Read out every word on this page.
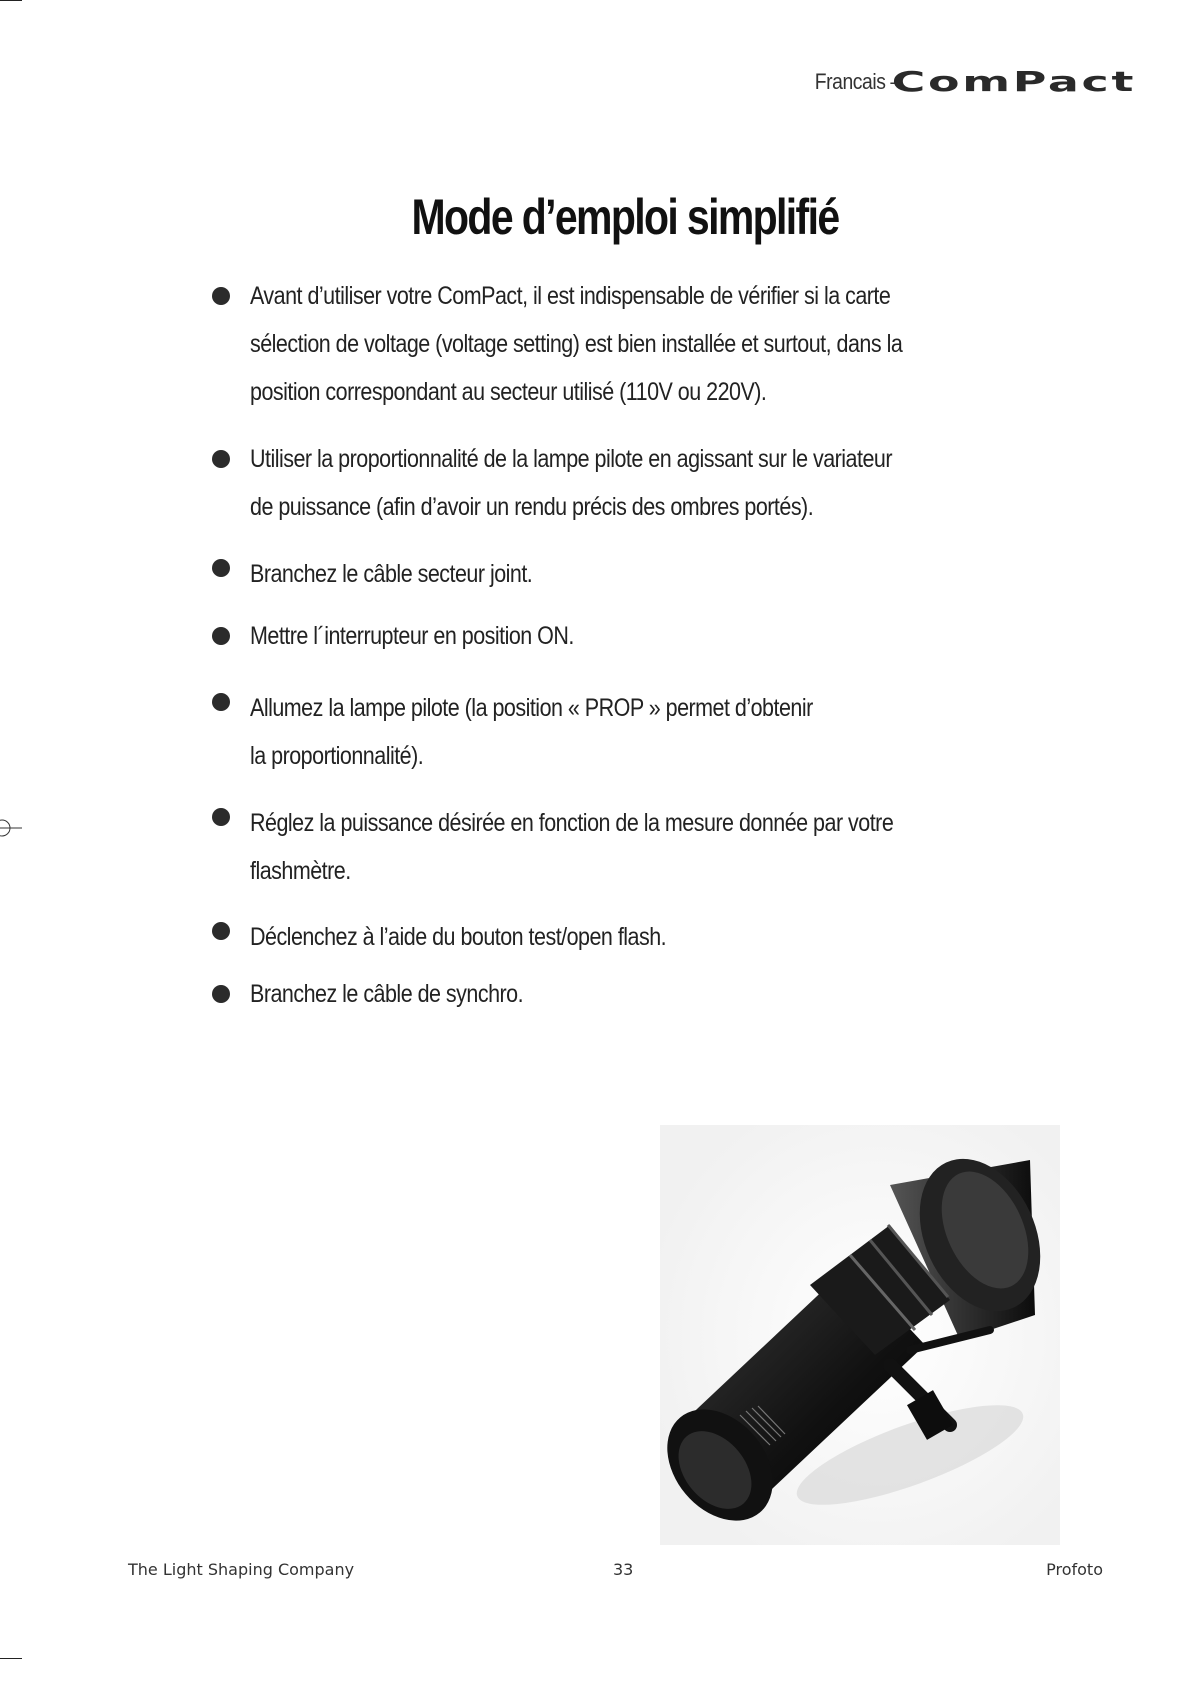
Francais –
ComPact
Mode d’emploi simplifié
Avant d’utiliser votre ComPact, il est indispensable de vérifier si la carte
sélection de voltage (voltage setting) est bien installée et surtout, dans la
position correspondant au secteur utilisé (110V ou 220V).
Utiliser la proportionnalité de la lampe pilote en agissant sur le variateur
de puissance (afin d’avoir un rendu précis des ombres portés).
Branchez le câble secteur joint.
Mettre l´interrupteur en position ON.
Allumez la lampe pilote (la position « PROP » permet d’obtenir
la proportionnalité).
Réglez la puissance désirée en fonction de la mesure donnée par votre
flashmètre.
Déclenchez à l’aide du bouton test/open flash.
Branchez le câble de synchro.
The Light Shaping Company	33	Profoto
